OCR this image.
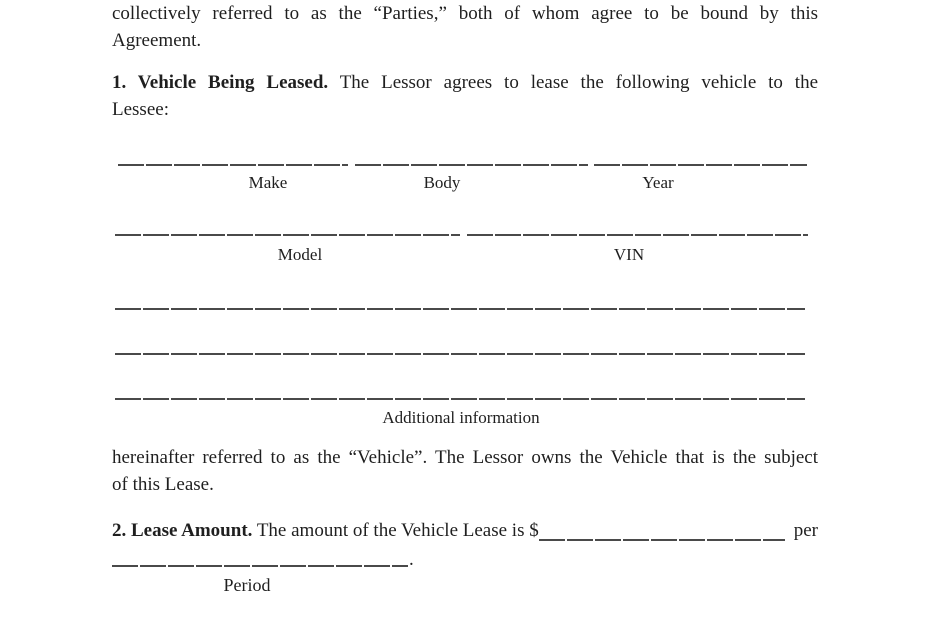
collectively referred to as the “Parties,” both of whom agree to be bound by this
Agreement.
1. Vehicle Being Leased. The Lessor agrees to lease the following vehicle to the
Lessee:
Make	Body	Year
Model	VIN
Additional information
hereinafter referred to as the “Vehicle”. The Lessor owns the Vehicle that is the subject
of this Lease.
2. Lease Amount. The amount of the Vehicle Lease is $	per
.
Period
